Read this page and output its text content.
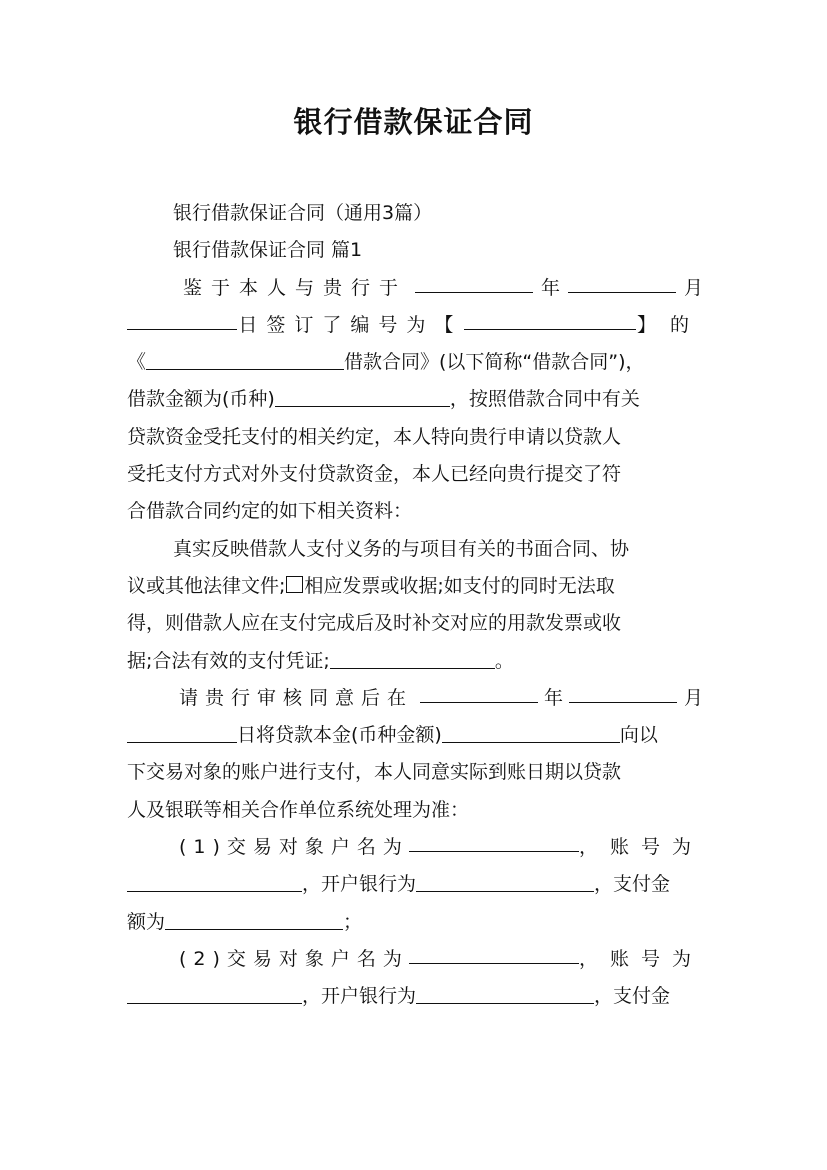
银行借款保证合同
银行借款保证合同（通用3篇）
银行借款保证合同 篇1
鉴于本人与贵行于	年	月
日签订了编号为【	】的
《	借款合同》(以下简称“借款合同”)，
借款金额为(币种)	，按照借款合同中有关
贷款资金受托支付的相关约定，本人特向贵行申请以贷款人
受托支付方式对外支付贷款资金，本人已经向贵行提交了符
合借款合同约定的如下相关资料：
真实反映借款人支付义务的与项目有关的书面合同、协
议或其他法律文件; 相应发票或收据;如支付的同时无法取
得，则借款人应在支付完成后及时补交对应的用款发票或收
据;合法有效的支付凭证;	。
请贵行审核同意后在	年	月
日将贷款本金(币种金额)	向以
下交易对象的账户进行支付，本人同意实际到账日期以贷款
人及银联等相关合作单位系统处理为准：
(1)交易对象户名为	，账号为
，开户银行为	，支付金
额为	；
(2)交易对象户名为	，账号为
，开户银行为	，支付金
